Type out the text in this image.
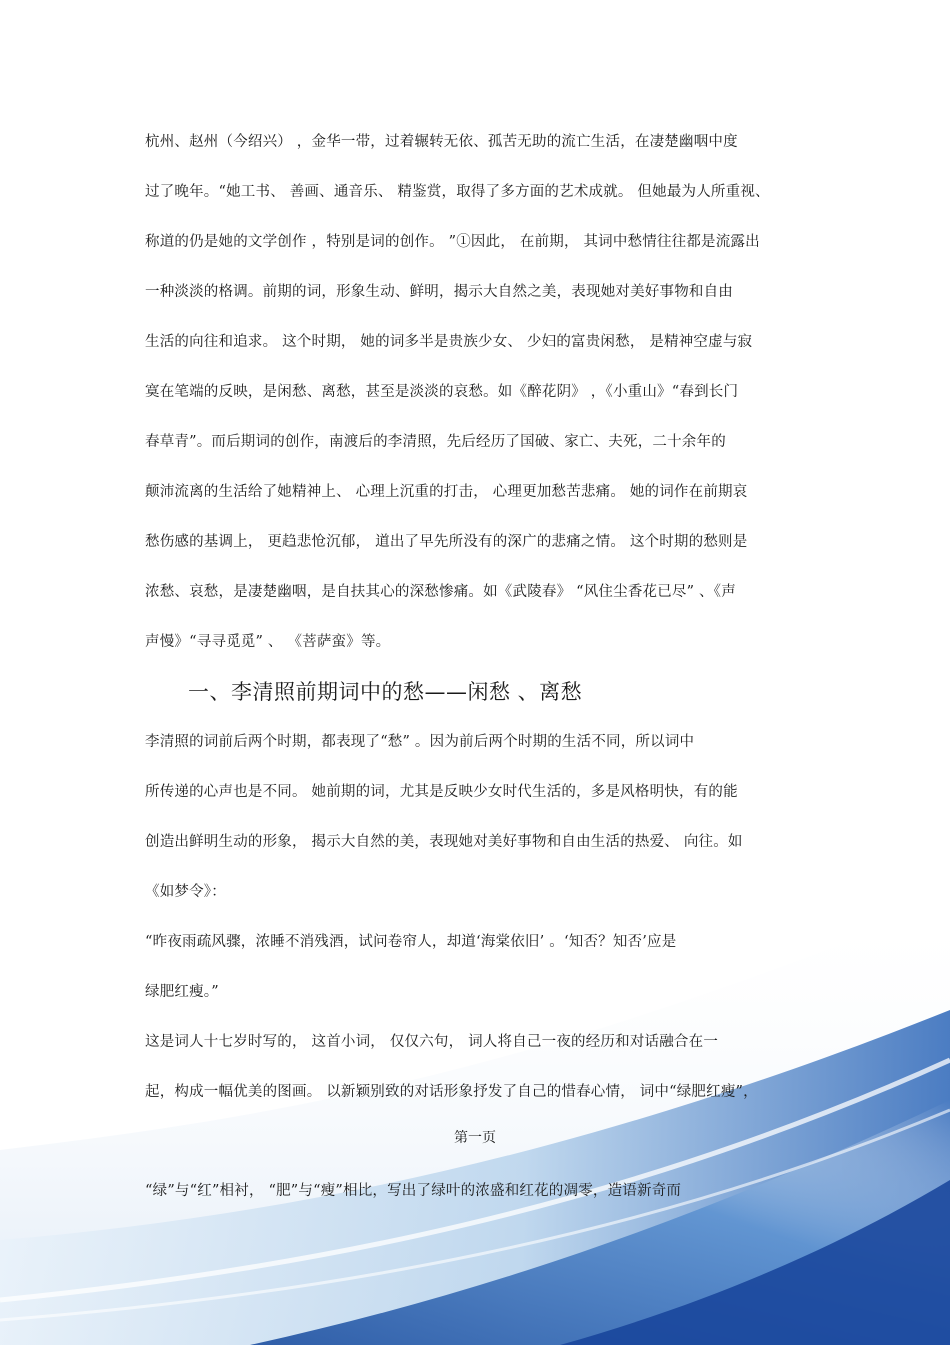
杭州、赵州（今绍兴） ，金华一带，过着辗转无依、孤苦无助的流亡生活，在凄楚幽咽中度
过了晚年。“她工书、 善画、通音乐、 精鉴赏，取得了多方面的艺术成就。 但她最为人所重视、
称道的仍是她的文学创作 ，特别是词的创作。 ”①因此， 在前期， 其词中愁情往往都是流露出
一种淡淡的格调。前期的词，形象生动、鲜明，揭示大自然之美，表现她对美好事物和自由
生活的向往和追求。 这个时期， 她的词多半是贵族少女、 少妇的富贵闲愁， 是精神空虚与寂
寞在笔端的反映，是闲愁、离愁，甚至是淡淡的哀愁。如《醉花阴》 ，《小重山》“春到长门
春草青”。而后期词的创作，南渡后的李清照，先后经历了国破、家亡、夫死，二十余年的
颠沛流离的生活给了她精神上、 心理上沉重的打击， 心理更加愁苦悲痛。 她的词作在前期哀
愁伤感的基调上， 更趋悲怆沉郁， 道出了早先所没有的深广的悲痛之情。 这个时期的愁则是
浓愁、哀愁，是凄楚幽咽，是自扶其心的深愁惨痛。如《武陵春》 “风住尘香花已尽” 、《声
声慢》“寻寻觅觅” 、 《菩萨蛮》等。
一、李清照前期词中的愁——闲愁 、离愁
李清照的词前后两个时期，都表现了“愁” 。因为前后两个时期的生活不同，所以词中
所传递的心声也是不同。 她前期的词，尤其是反映少女时代生活的，多是风格明快，有的能
创造出鲜明生动的形象， 揭示大自然的美，表现她对美好事物和自由生活的热爱、 向往。如
《如梦令》：
“昨夜雨疏风骤，浓睡不消残酒，试问卷帘人，却道‘海棠依旧’ 。‘知否？知否’应是
绿肥红瘦。”
这是词人十七岁时写的， 这首小词， 仅仅六句， 词人将自己一夜的经历和对话融合在一
起，构成一幅优美的图画。 以新颖别致的对话形象抒发了自己的惜春心情， 词中“绿肥红瘦”，
第一页
“绿”与“红”相衬， “肥”与“瘦”相比，写出了绿叶的浓盛和红花的凋零，造语新奇而
